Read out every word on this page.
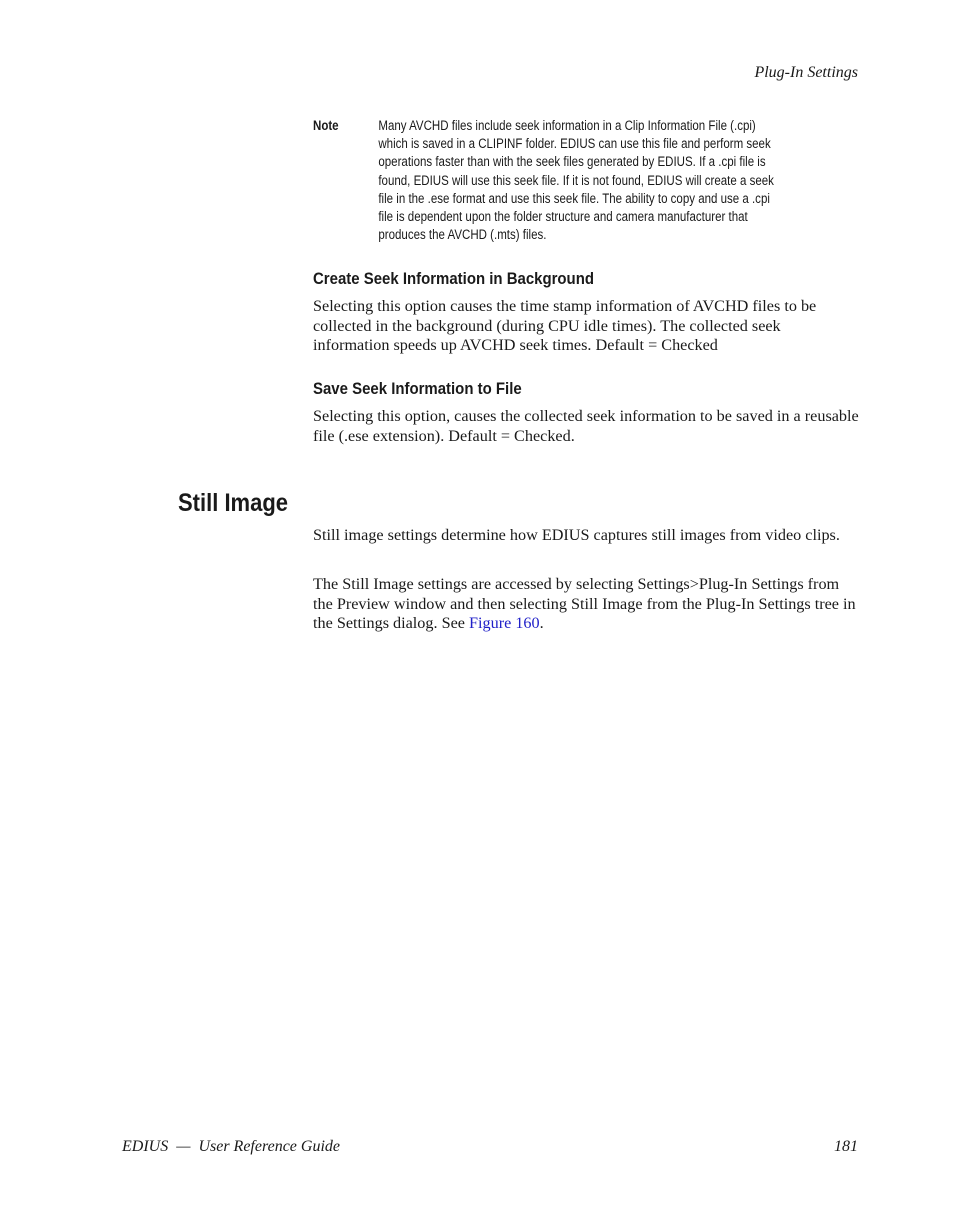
Plug-In Settings
Note	Many AVCHD files include seek information in a Clip Information File (.cpi) which is saved in a CLIPINF folder. EDIUS can use this file and perform seek operations faster than with the seek files generated by EDIUS. If a .cpi file is found, EDIUS will use this seek file. If it is not found, EDIUS will create a seek file in the .ese format and use this seek file. The ability to copy and use a .cpi file is dependent upon the folder structure and camera manufacturer that produces the AVCHD (.mts) files.
Create Seek Information in Background

Selecting this option causes the time stamp information of AVCHD files to be collected in the background (during CPU idle times). The collected seek information speeds up AVCHD seek times. Default = Checked

Save Seek Information to File

Selecting this option, causes the collected seek information to be saved in a reusable file (.ese extension). Default = Checked.

Still Image

Still image settings determine how EDIUS captures still images from video clips.

The Still Image settings are accessed by selecting Settings>Plug-In Settings from the Preview window and then selecting Still Image from the Plug-In Settings tree in the Settings dialog. See Figure 160.

EDIUS  —  User Reference Guide	181
